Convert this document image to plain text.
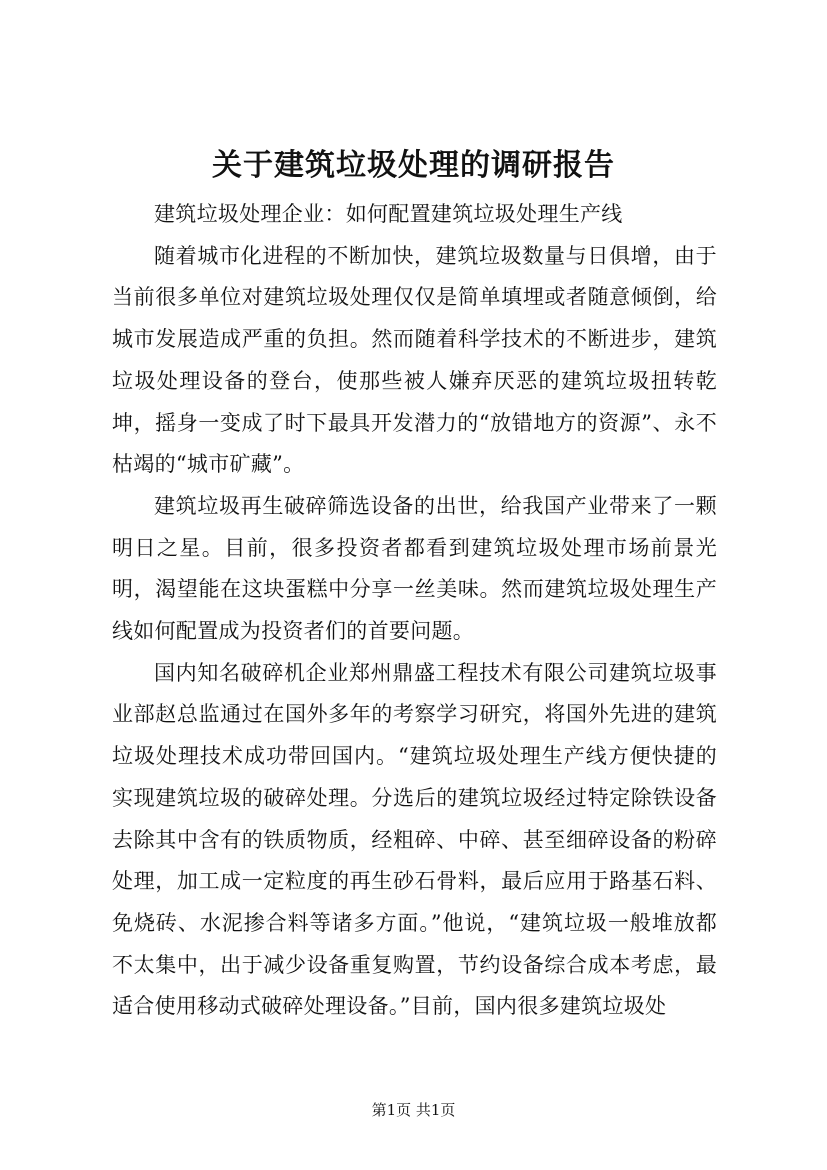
关于建筑垃圾处理的调研报告

建筑垃圾处理企业：如何配置建筑垃圾处理生产线

随着城市化进程的不断加快，建筑垃圾数量与日俱增，由于当前很多单位对建筑垃圾处理仅仅是简单填埋或者随意倾倒，给城市发展造成严重的负担。然而随着科学技术的不断进步，建筑垃圾处理设备的登台，使那些被人嫌弃厌恶的建筑垃圾扭转乾坤，摇身一变成了时下最具开发潜力的“放错地方的资源”、永不枯竭的“城市矿藏”。

建筑垃圾再生破碎筛选设备的出世，给我国产业带来了一颗明日之星。目前，很多投资者都看到建筑垃圾处理市场前景光明，渴望能在这块蛋糕中分享一丝美味。然而建筑垃圾处理生产线如何配置成为投资者们的首要问题。

国内知名破碎机企业郑州鼎盛工程技术有限公司建筑垃圾事业部赵总监通过在国外多年的考察学习研究，将国外先进的建筑垃圾处理技术成功带回国内。“建筑垃圾处理生产线方便快捷的实现建筑垃圾的破碎处理。分选后的建筑垃圾经过特定除铁设备去除其中含有的铁质物质，经粗碎、中碎、甚至细碎设备的粉碎处理，加工成一定粒度的再生砂石骨料，最后应用于路基石料、免烧砖、水泥掺合料等诸多方面。”他说，“建筑垃圾一般堆放都不太集中，出于减少设备重复购置，节约设备综合成本考虑，最适合使用移动式破碎处理设备。”目前，国内很多建筑垃圾处

第1页 共1页
